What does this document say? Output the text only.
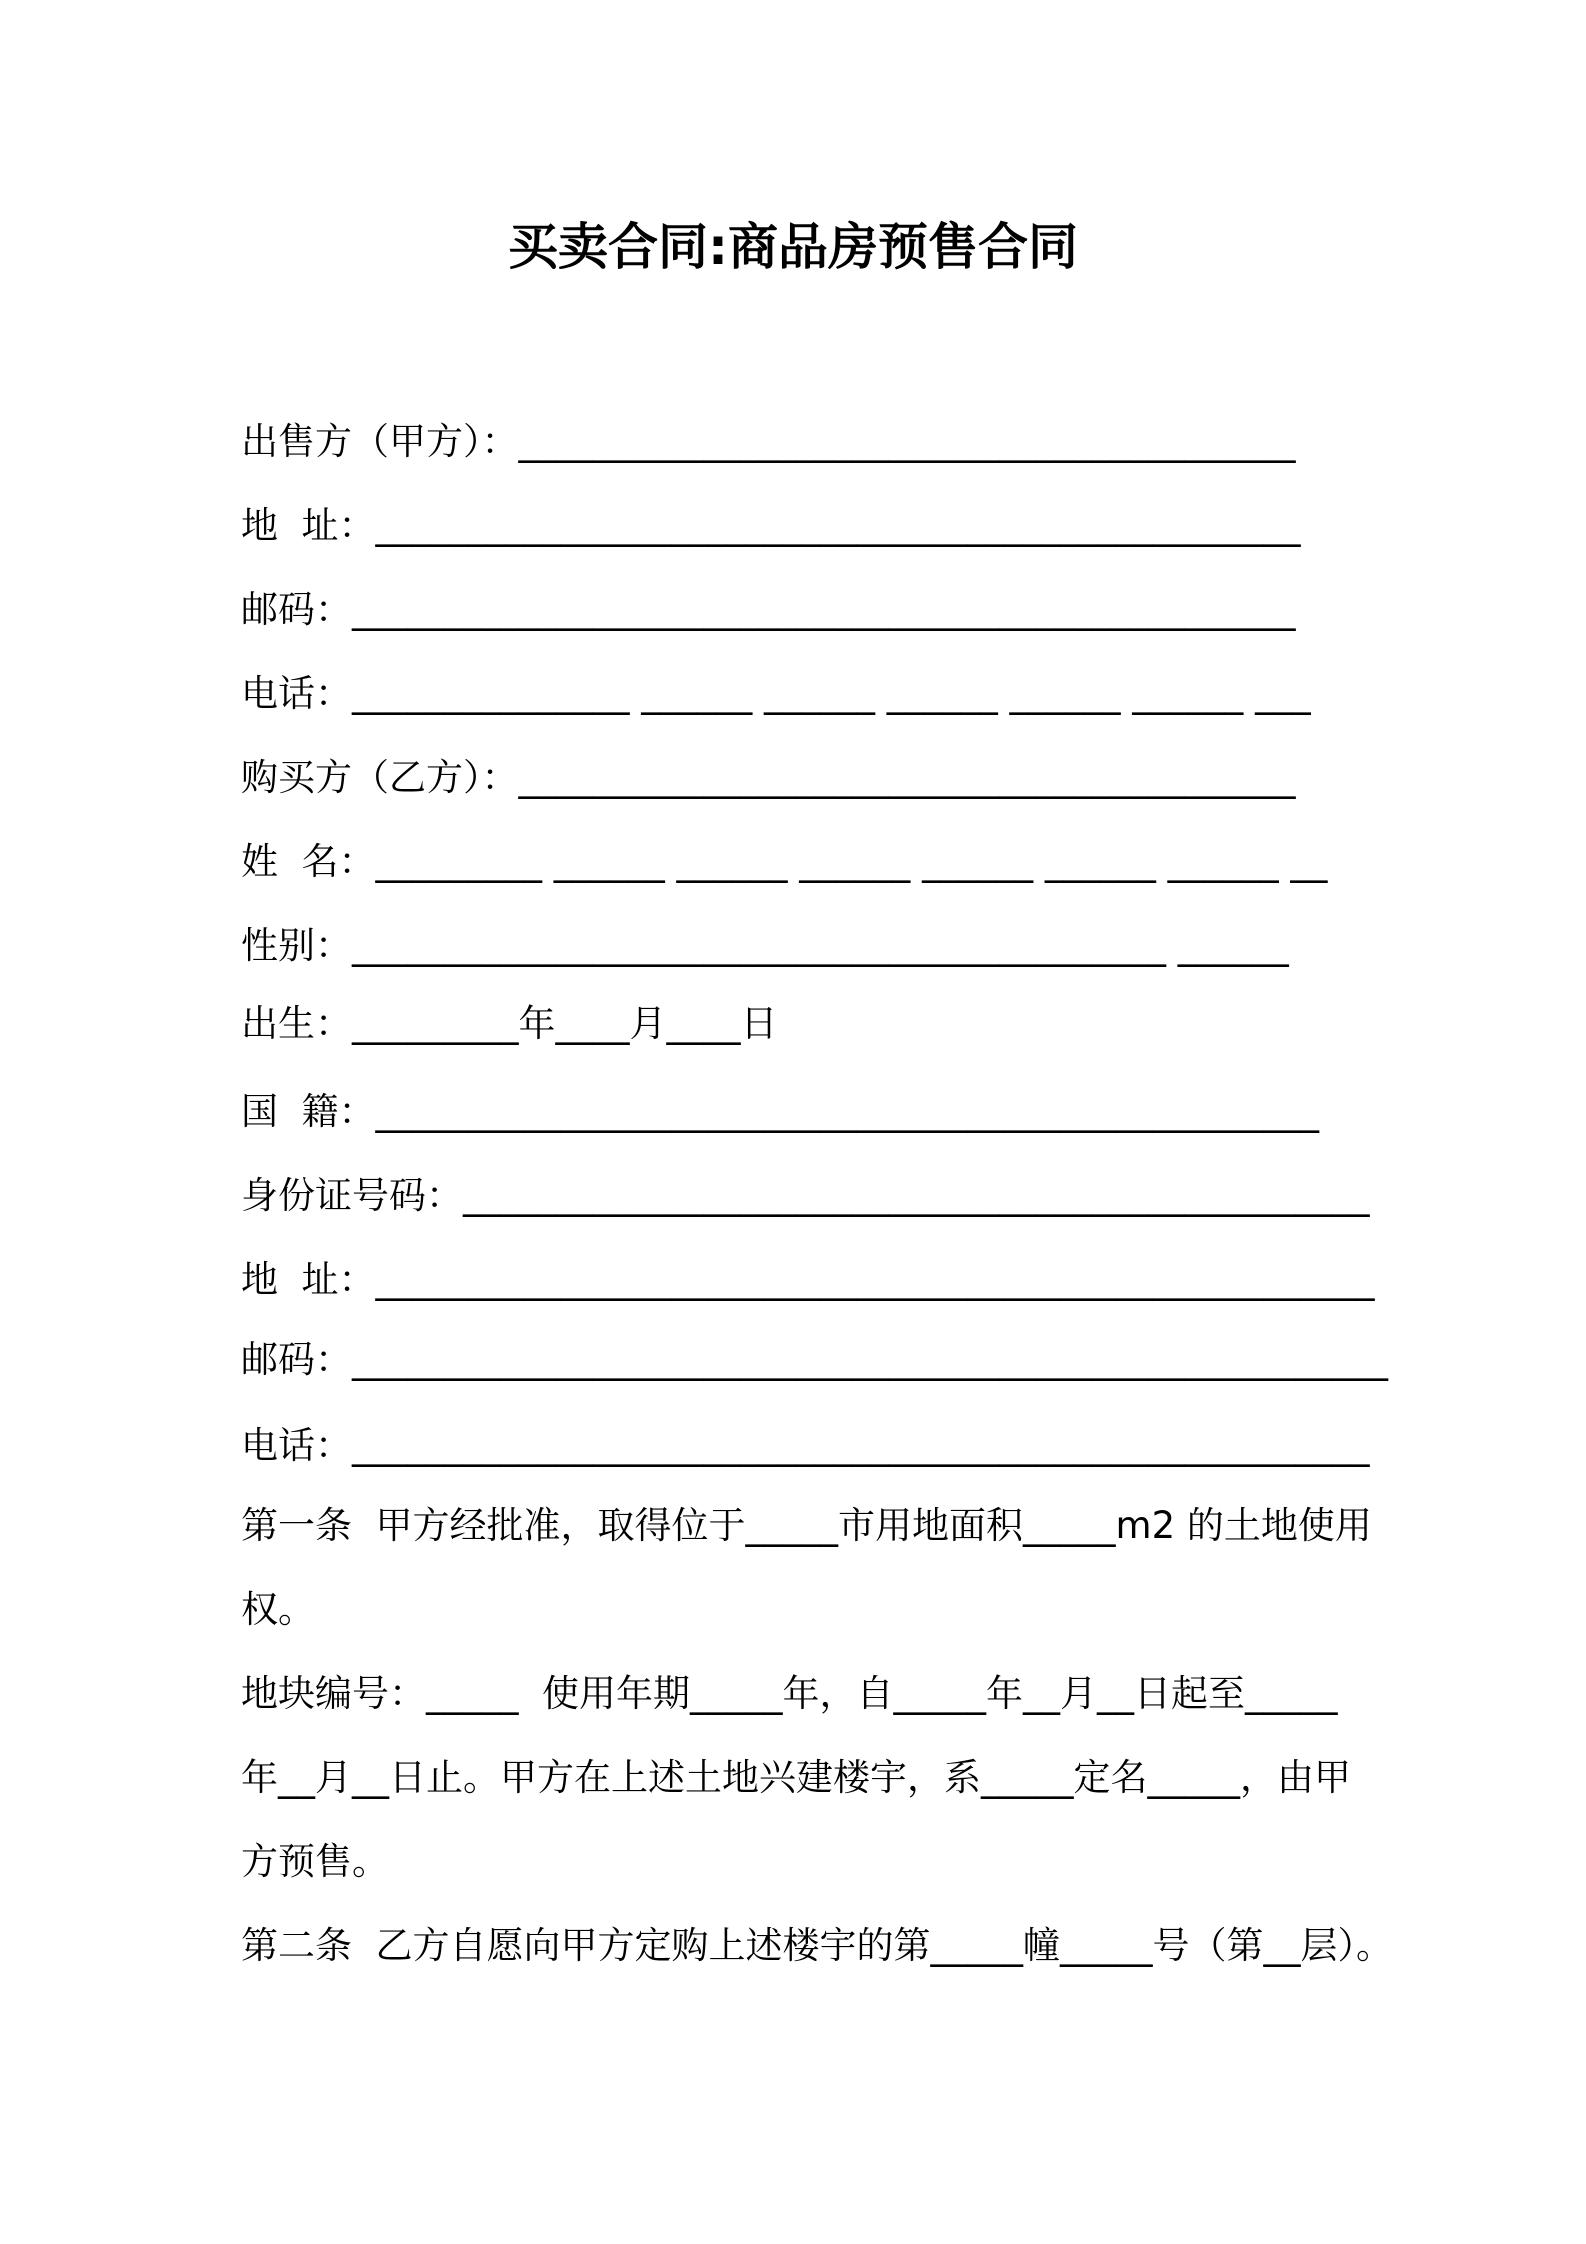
买卖合同:商品房预售合同
出售方（甲方）：__________________________________________
地  址：__________________________________________________
邮码：___________________________________________________
电话：_______________ ______ ______ ______ ______ ______ ___
购买方（乙方）：__________________________________________
姓  名：_________ ______ ______ ______ ______ ______ ______ __
性别：____________________________________________ ______
出生：_________年____月____日
国  籍：___________________________________________________
身份证号码：_________________________________________________
地  址：______________________________________________________
邮码：________________________________________________________
电话：_______________________________________________________
第一条  甲方经批准，取得位于_____市用地面积_____m2 的土地使用
权。
地块编号：_____  使用年期_____年，自_____年__月__日起至_____
年__月__日止。甲方在上述土地兴建楼宇，系_____定名_____，由甲
方预售。
第二条  乙方自愿向甲方定购上述楼宇的第_____幢_____号（第__层）。
